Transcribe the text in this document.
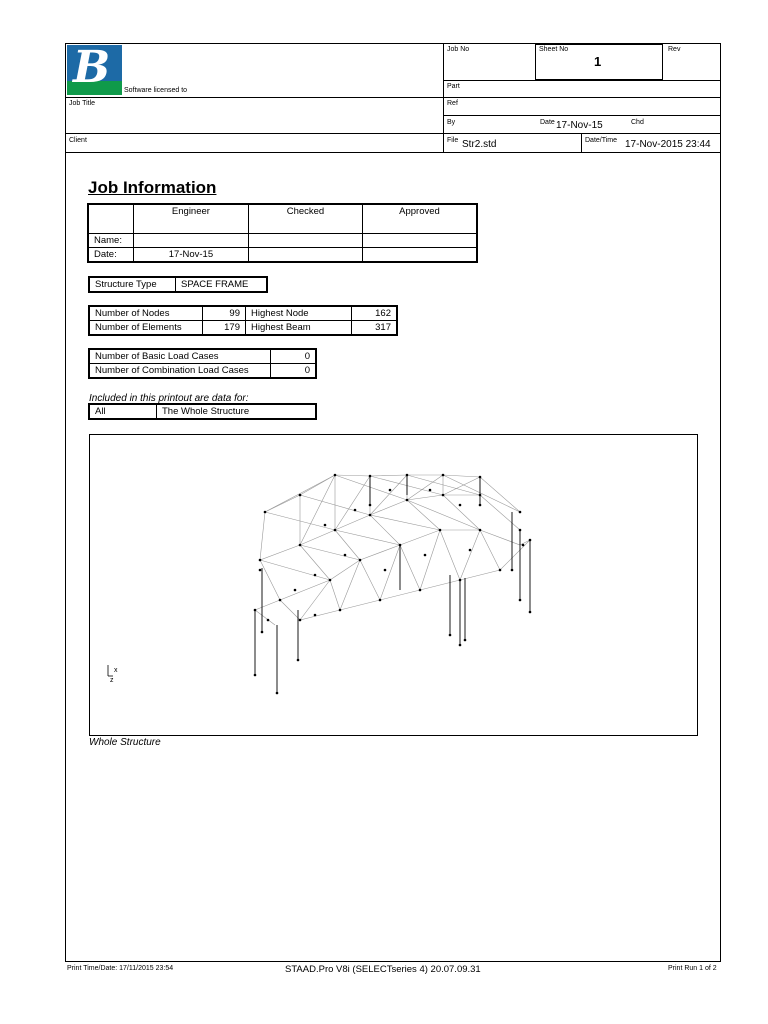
B Software licensed to
Job No	Sheet No
1
Rev
Part
Job Title	Ref
By	Date 17-Nov-15	Chd
Client	File Str2.std	Date/Time 17-Nov-2015 23:44
Job Information
	Engineer	Checked	Approved
Name:			
Date:	17-Nov-15		
Structure Type	SPACE FRAME
Number of Nodes	99	Highest Node	162
Number of Elements	179	Highest Beam	317
Number of Basic Load Cases	0
Number of Combination Load Cases	0
Included in this printout are data for:
All	The Whole Structure
x
z
Whole Structure
Print Time/Date: 17/11/2015 23:54	STAAD.Pro V8i (SELECTseries 4) 20.07.09.31	Print Run 1 of 2
